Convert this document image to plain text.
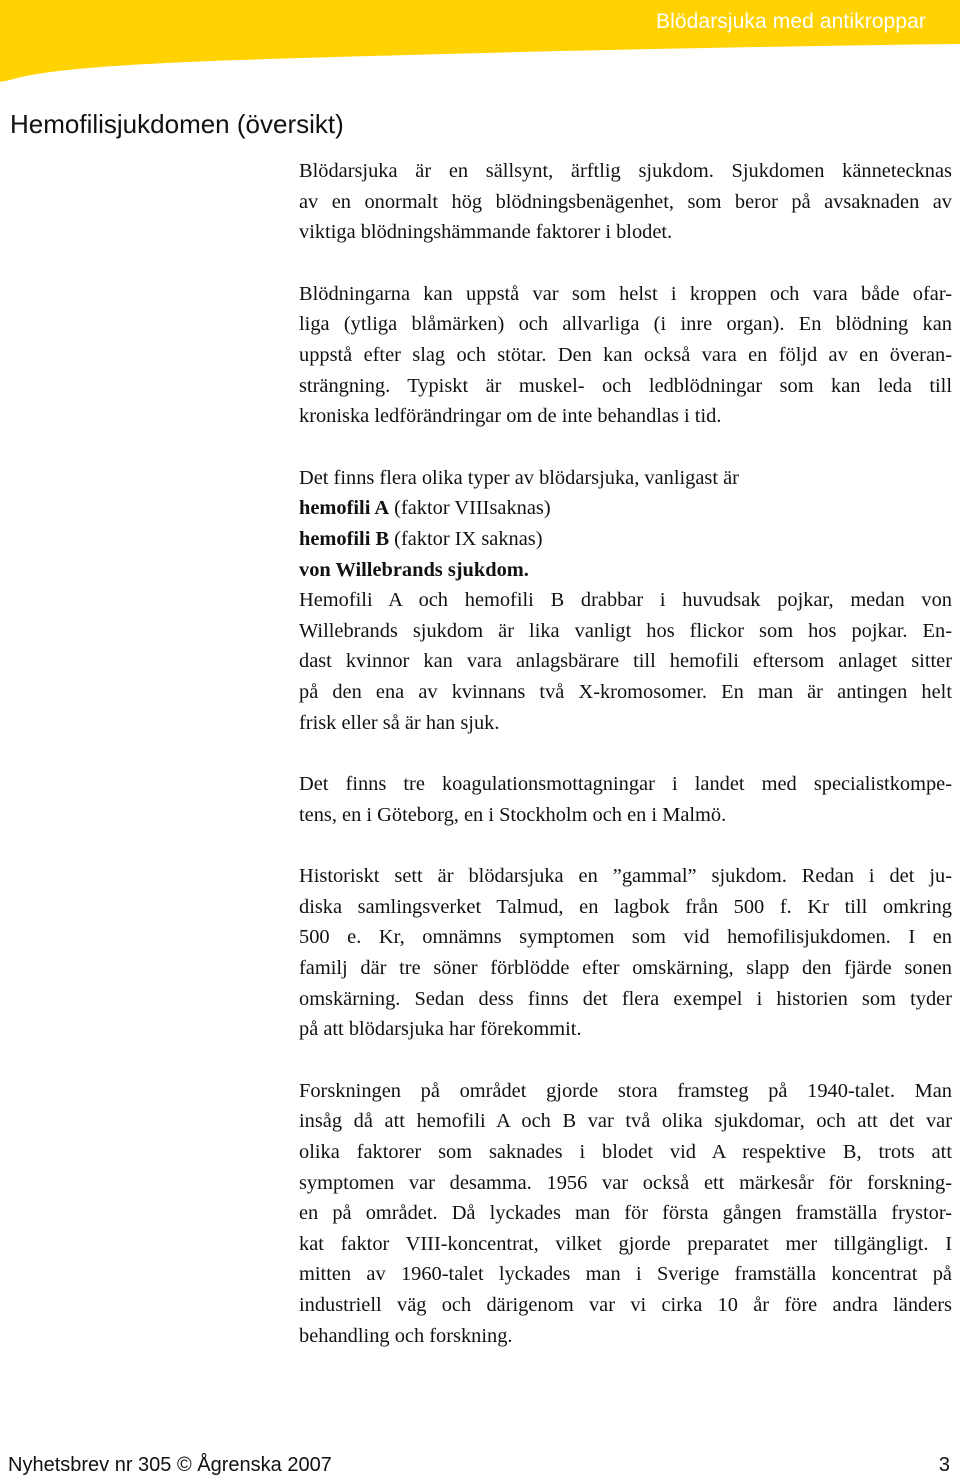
Blödarsjuka med antikroppar
Hemofilisjukdomen (översikt)

Blödarsjuka är en sällsynt, ärftlig sjukdom. Sjukdomen kännetecknas
av en onormalt hög blödningsbenägenhet, som beror på avsaknaden av
viktiga blödningshämmande faktorer i blodet.

Blödningarna kan uppstå var som helst i kroppen och vara både ofar-
liga (ytliga blåmärken) och allvarliga (i inre organ). En blödning kan
uppstå efter slag och stötar. Den kan också vara en följd av en överan-
strängning. Typiskt är muskel- och ledblödningar som kan leda till
kroniska ledförändringar om de inte behandlas i tid.

Det finns flera olika typer av blödarsjuka, vanligast är
hemofili A (faktor VIIIsaknas)
hemofili B (faktor IX saknas)
von Willebrands sjukdom.

Hemofili A och hemofili B drabbar i huvudsak pojkar, medan von
Willebrands sjukdom är lika vanligt hos flickor som hos pojkar. En-
dast kvinnor kan vara anlagsbärare till hemofili eftersom anlaget sitter
på den ena av kvinnans två X-kromosomer. En man är antingen helt
frisk eller så är han sjuk.

Det finns tre koagulationsmottagningar i landet med specialistkompe-
tens, en i Göteborg, en i Stockholm och en i Malmö.

Historiskt sett är blödarsjuka en ”gammal” sjukdom. Redan i det ju-
diska samlingsverket Talmud, en lagbok från 500 f. Kr till omkring
500 e. Kr, omnämns symptomen som vid hemofilisjukdomen. I en
familj där tre söner förblödde efter omskärning, slapp den fjärde sonen
omskärning. Sedan dess finns det flera exempel i historien som tyder
på att blödarsjuka har förekommit.

Forskningen på området gjorde stora framsteg på 1940-talet. Man
insåg då att hemofili A och B var två olika sjukdomar, och att det var
olika faktorer som saknades i blodet vid A respektive B, trots att
symptomen var desamma. 1956 var också ett märkesår för forskning-
en på området. Då lyckades man för första gången framställa frystor-
kat faktor VIII-koncentrat, vilket gjorde preparatet mer tillgängligt. I
mitten av 1960-talet lyckades man i Sverige framställa koncentrat på
industriell väg och därigenom var vi cirka 10 år före andra länders
behandling och forskning.

Nyhetsbrev nr 305 © Ågrenska 2007	3
